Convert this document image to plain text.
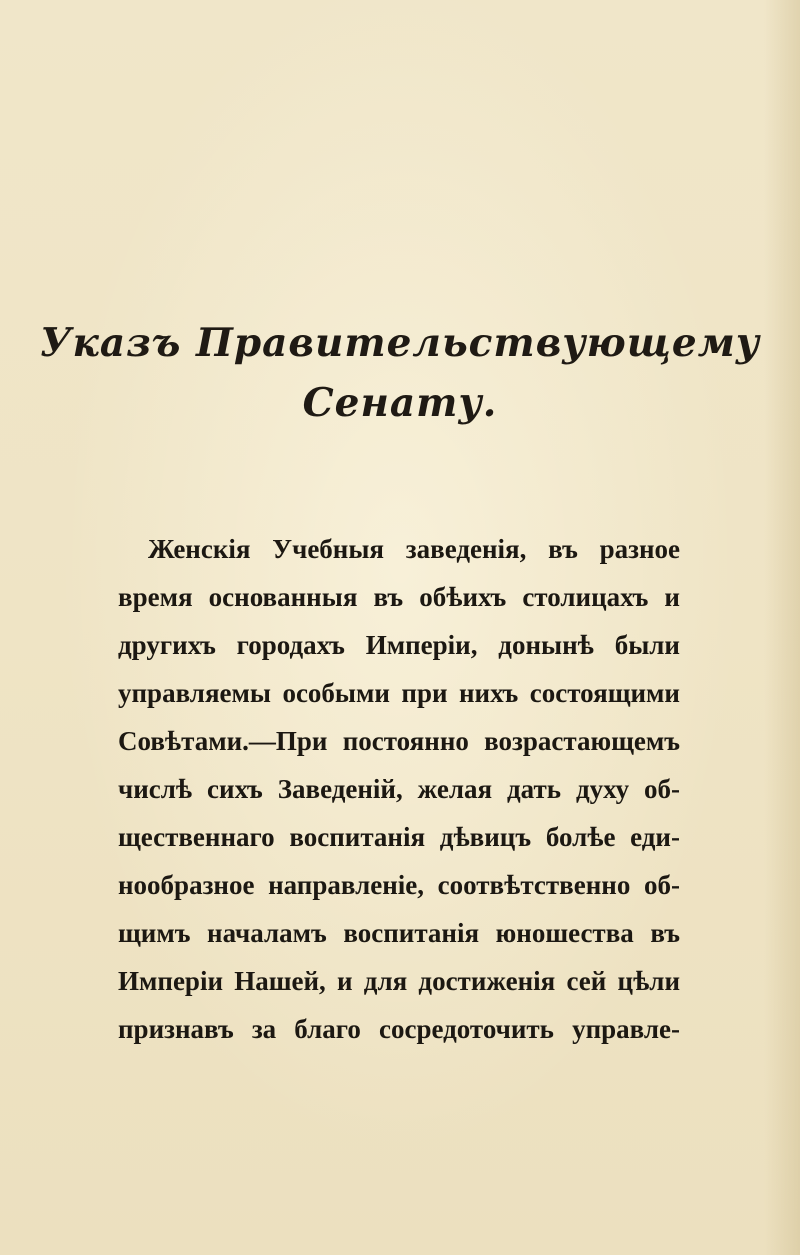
Указъ Правительствующему
Сенату.
Женскія Учебныя заведенія, въ разное
время основанныя въ обѣихъ столицахъ и
другихъ городахъ Имперіи, донынѣ были
управляемы особыми при нихъ состоящими
Совѣтами.—При постоянно возрастающемъ
числѣ сихъ Заведеній, желая дать духу об-
щественнаго воспитанія дѣвицъ болѣе еди-
нообразное направленіе, соотвѣтственно об-
щимъ началамъ воспитанія юношества въ
Имперіи Нашей, и для достиженія сей цѣли
признавъ за благо сосредоточить управле-
